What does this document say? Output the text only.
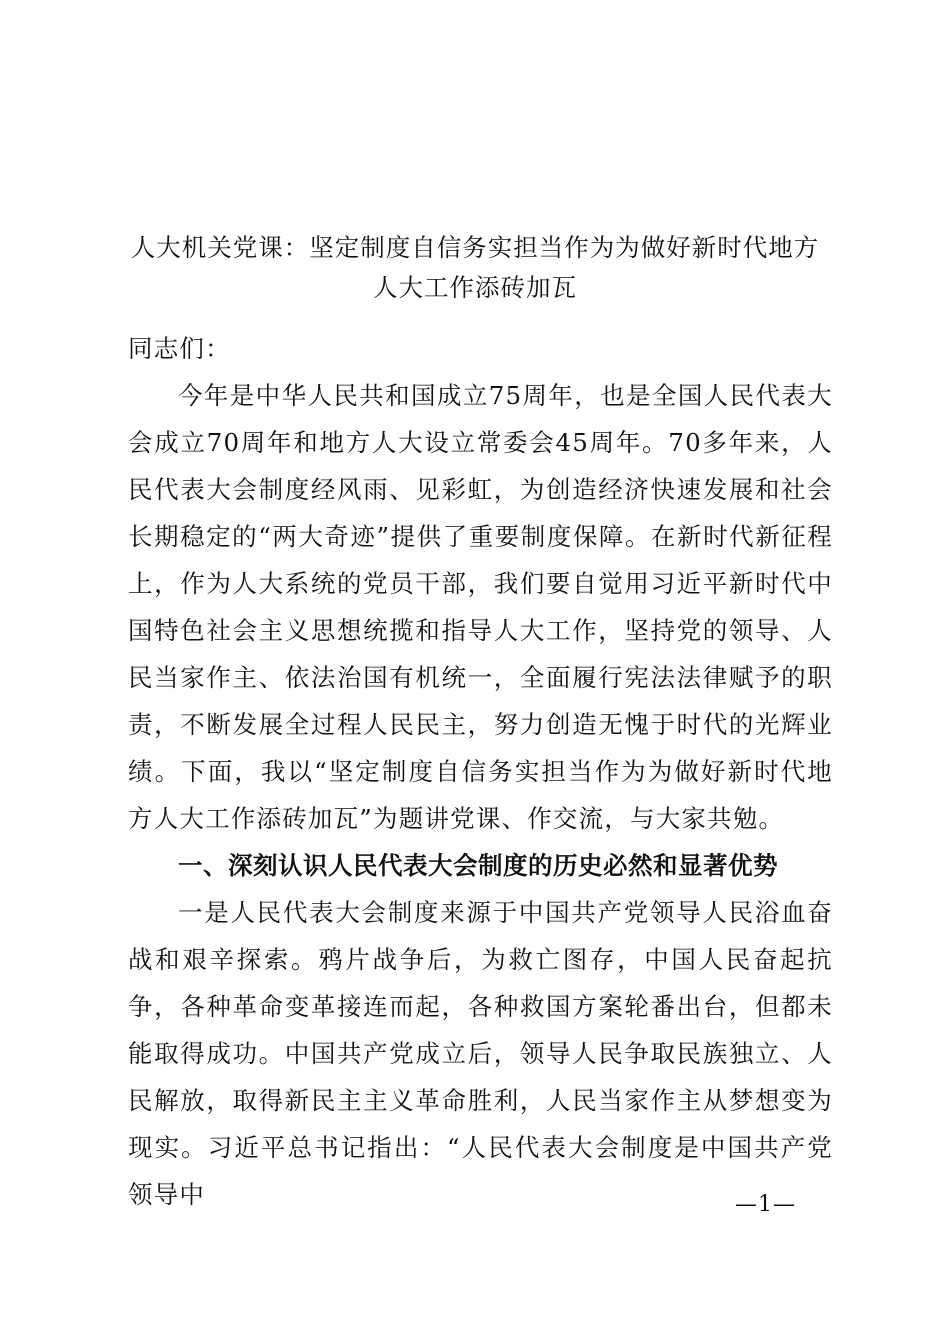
人大机关党课：坚定制度自信务实担当作为为做好新时代地方
人大工作添砖加瓦

同志们：

今年是中华人民共和国成立75周年，也是全国人民代表大会成立70周年和地方人大设立常委会45周年。70多年来，人民代表大会制度经风雨、见彩虹，为创造经济快速发展和社会长期稳定的“两大奇迹”提供了重要制度保障。在新时代新征程上，作为人大系统的党员干部，我们要自觉用习近平新时代中国特色社会主义思想统揽和指导人大工作，坚持党的领导、人民当家作主、依法治国有机统一，全面履行宪法法律赋予的职责，不断发展全过程人民民主，努力创造无愧于时代的光辉业绩。下面，我以“坚定制度自信务实担当作为为做好新时代地方人大工作添砖加瓦”为题讲党课、作交流，与大家共勉。

一、深刻认识人民代表大会制度的历史必然和显著优势

一是人民代表大会制度来源于中国共产党领导人民浴血奋战和艰辛探索。鸦片战争后，为救亡图存，中国人民奋起抗争，各种革命变革接连而起，各种救国方案轮番出台，但都未能取得成功。中国共产党成立后，领导人民争取民族独立、人民解放，取得新民主主义革命胜利，人民当家作主从梦想变为现实。习近平总书记指出：“人民代表大会制度是中国共产党领导中	—1—
